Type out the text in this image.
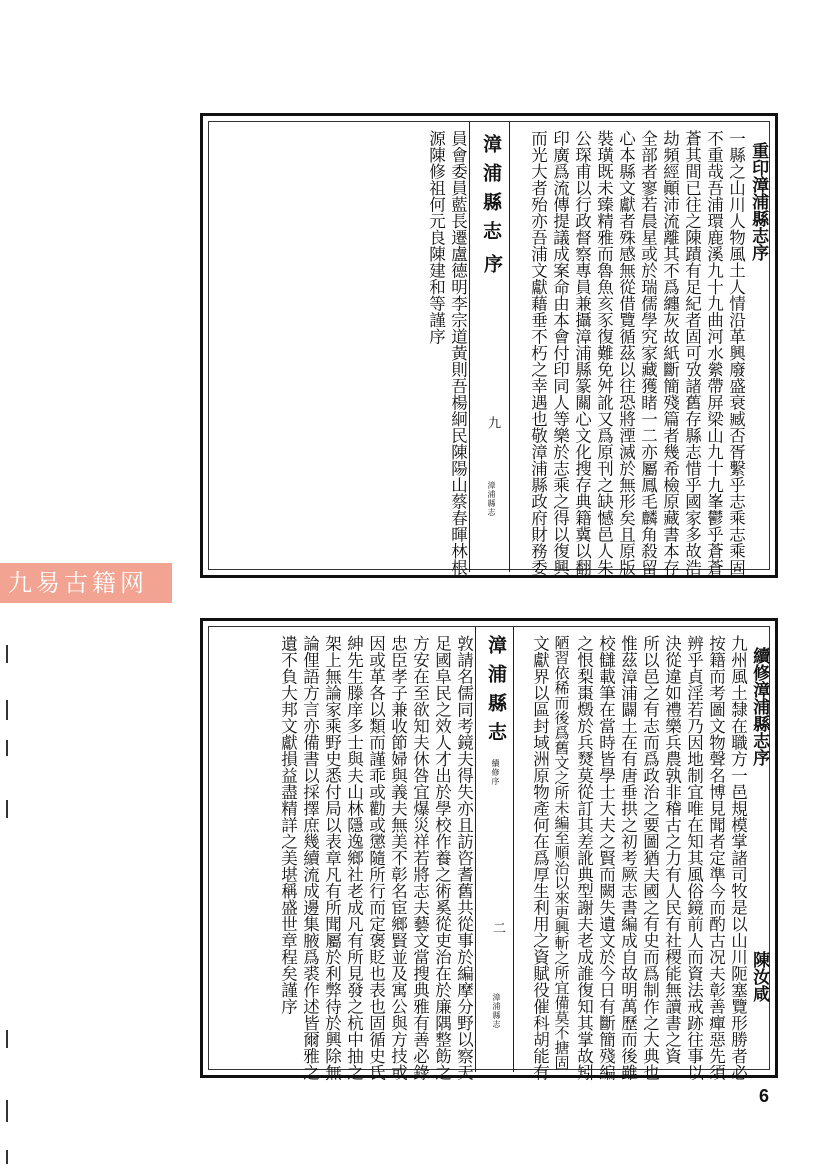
九易古籍网
漳浦縣志
序
九
漳浦縣志
重印漳浦縣志序
一縣之山川人物風土人情沿革興廢盛衰臧否胥繫乎志乘志乘固
不重哉吾浦環鹿溪九十九曲河水縈帶屏梁山九十九峯鬱乎蒼蒼
蒼其間已往之陳蹟有足紀者固可攷諸舊存縣志惜乎國家多故浩
劫頻經顚沛流離其不爲纏灰故紙斷簡殘篇者幾希檢原藏書本存
全部者寥若晨星或於瑞儒學究家藏獲睹一二亦屬鳳毛麟角殺留
心本縣文獻者殊感無從借覽循茲以往恐將湮滅於無形矣且原版
裝璜既未臻精雅而魯魚亥豕復難免舛訛又爲原刊之缺憾邑人朱
公琛甫以行政督察專員兼攝漳浦縣篆關心文化搜存典籍冀以翻
印廣爲流傳提議成案命由本會付印同人等樂於志乘之得以復興
而光大者殆亦吾浦文獻藉垂不朽之幸遇也敬漳浦縣政府財務委
員會委員藍長遷盧德明李宗道黃則吾楊絅民陳陽山蔡春暉林根
源陳修祖何元良陳建和等謹序
漳浦縣志
續修序
二
漳浦縣志
續修漳浦縣志序
陳汝咸
九州風土隸在職方一邑規模掌諸司牧是以山川阨塞覽形勝者必
按籍而考圖文物聲名博見聞者定準今而酌古况夫彰善癉惡先須
辨乎貞淫若乃因地制宜唯在知其風俗鏡前人而資法戒跡往事以
決從違如禮樂兵農孰非稽古之力有人民有社稷能無讀書之資
所以邑之有志而爲政治之要圖猶夫國之有史而爲制作之大典也
惟茲漳浦闢土在有唐垂拱之初考厥志書編成自故明萬歷而後雖
校讎載筆在當時皆學士大夫之賢而闕失遺文於今日有斷簡殘編
之恨梨棗燬於兵燹莫從訂其差訛典型謝夫老成誰復知其掌故矧
陋習依稀而後爲舊文之所未編至順治以來更興斬之所宜備莫不搪固
文獻界以區封域洲原物產何在爲厚生利用之資賦役催科胡能有
敦請名儒同考鏡夫得失亦且訪咨耆舊共從事於編摩分野以察天
足國阜民之效人才出於學校作養之術奚從吏治在於廉隅整飭之
方安在至欲知夫休咎宜爆災祥若將志夫藝文當搜典雅有善必錄
忠臣孝子兼收節婦與義夫無美不彰名宦鄉賢並及寓公與方技或
因或革各以類而謹乖或勸或懲隨所行而定褒貶也表也固循史氏
紳先生滕庠多士與夫山林隱逸鄉社老成凡有所見發之杭中抽之
架上無論家乘野史悉付局以表章凡有所聞屬於利弊待於興除無
論俚語方言亦備書以採擇庶幾續流成邊集腋爲裘作述皆爾雅之
遺不負大邦文獻損益盡精詳之美堪稱盛世章程矣謹序
6
